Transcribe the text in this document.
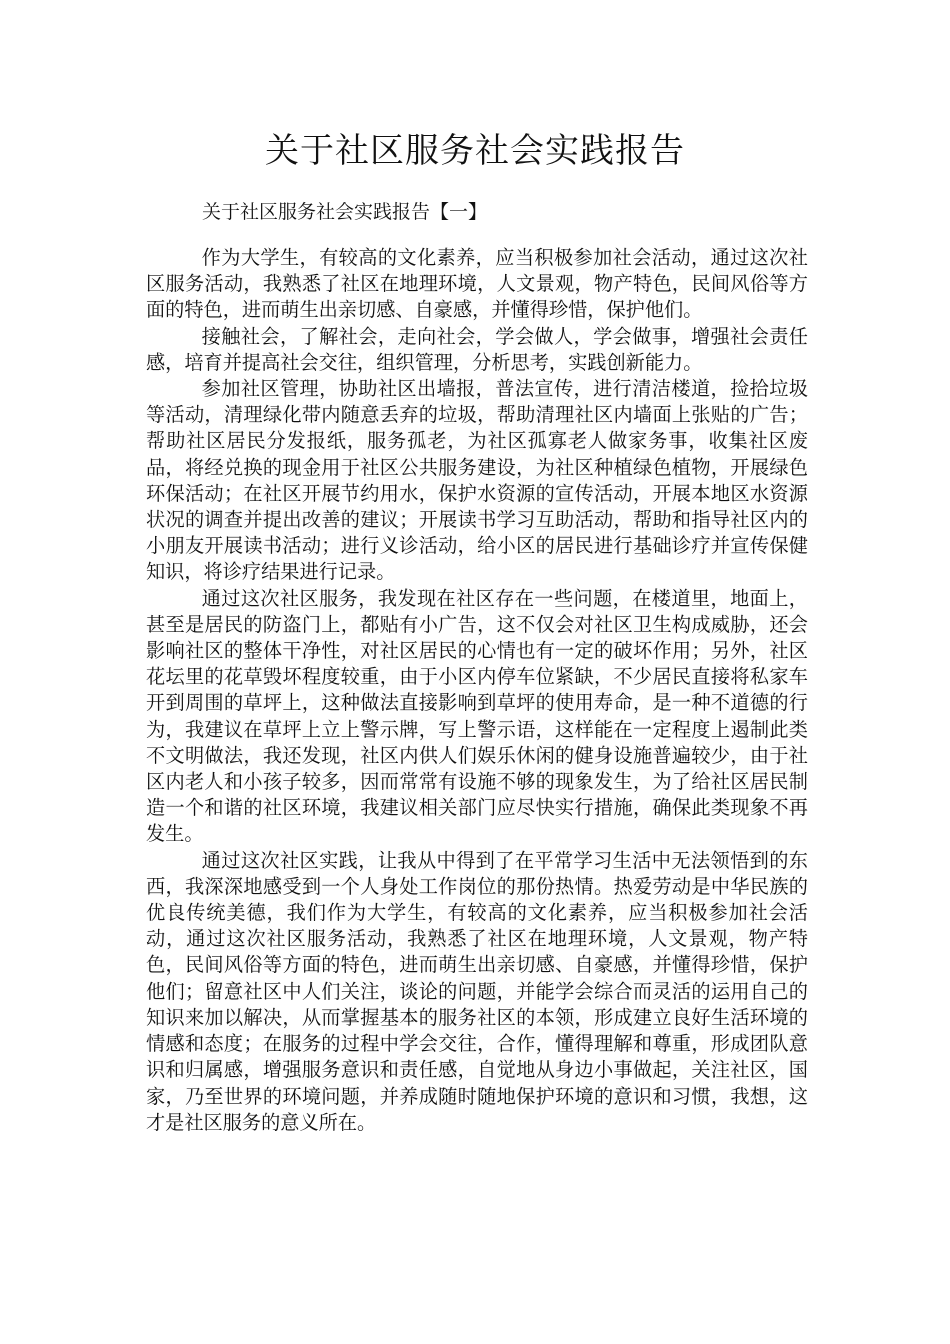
关于社区服务社会实践报告

关于社区服务社会实践报告【一】

作为大学生，有较高的文化素养，应当积极参加社会活动，通过这次社区服务活动，我熟悉了社区在地理环境，人文景观，物产特色，民间风俗等方面的特色，进而萌生出亲切感、自豪感，并懂得珍惜，保护他们。

接触社会，了解社会，走向社会，学会做人，学会做事，增强社会责任感，培育并提高社会交往，组织管理，分析思考，实践创新能力。

参加社区管理，协助社区出墙报，普法宣传，进行清洁楼道，捡拾垃圾等活动，清理绿化带内随意丢弃的垃圾，帮助清理社区内墙面上张贴的广告；帮助社区居民分发报纸，服务孤老，为社区孤寡老人做家务事，收集社区废品，将经兑换的现金用于社区公共服务建设，为社区种植绿色植物，开展绿色环保活动；在社区开展节约用水，保护水资源的宣传活动，开展本地区水资源状况的调查并提出改善的建议；开展读书学习互助活动，帮助和指导社区内的小朋友开展读书活动；进行义诊活动，给小区的居民进行基础诊疗并宣传保健知识，将诊疗结果进行记录。

通过这次社区服务，我发现在社区存在一些问题，在楼道里，地面上，甚至是居民的防盗门上，都贴有小广告，这不仅会对社区卫生构成威胁，还会影响社区的整体干净性，对社区居民的心情也有一定的破坏作用；另外，社区花坛里的花草毁坏程度较重，由于小区内停车位紧缺，不少居民直接将私家车开到周围的草坪上，这种做法直接影响到草坪的使用寿命，是一种不道德的行为，我建议在草坪上立上警示牌，写上警示语，这样能在一定程度上遏制此类不文明做法，我还发现，社区内供人们娱乐休闲的健身设施普遍较少，由于社区内老人和小孩子较多，因而常常有设施不够的现象发生，为了给社区居民制造一个和谐的社区环境，我建议相关部门应尽快实行措施，确保此类现象不再发生。

通过这次社区实践，让我从中得到了在平常学习生活中无法领悟到的东西，我深深地感受到一个人身处工作岗位的那份热情。热爱劳动是中华民族的优良传统美德，我们作为大学生，有较高的文化素养，应当积极参加社会活动，通过这次社区服务活动，我熟悉了社区在地理环境，人文景观，物产特色，民间风俗等方面的特色，进而萌生出亲切感、自豪感，并懂得珍惜，保护他们；留意社区中人们关注，谈论的问题，并能学会综合而灵活的运用自己的知识来加以解决，从而掌握基本的服务社区的本领，形成建立良好生活环境的情感和态度；在服务的过程中学会交往，合作，懂得理解和尊重，形成团队意识和归属感，增强服务意识和责任感，自觉地从身边小事做起，关注社区，国家，乃至世界的环境问题，并养成随时随地保护环境的意识和习惯，我想，这才是社区服务的意义所在。
